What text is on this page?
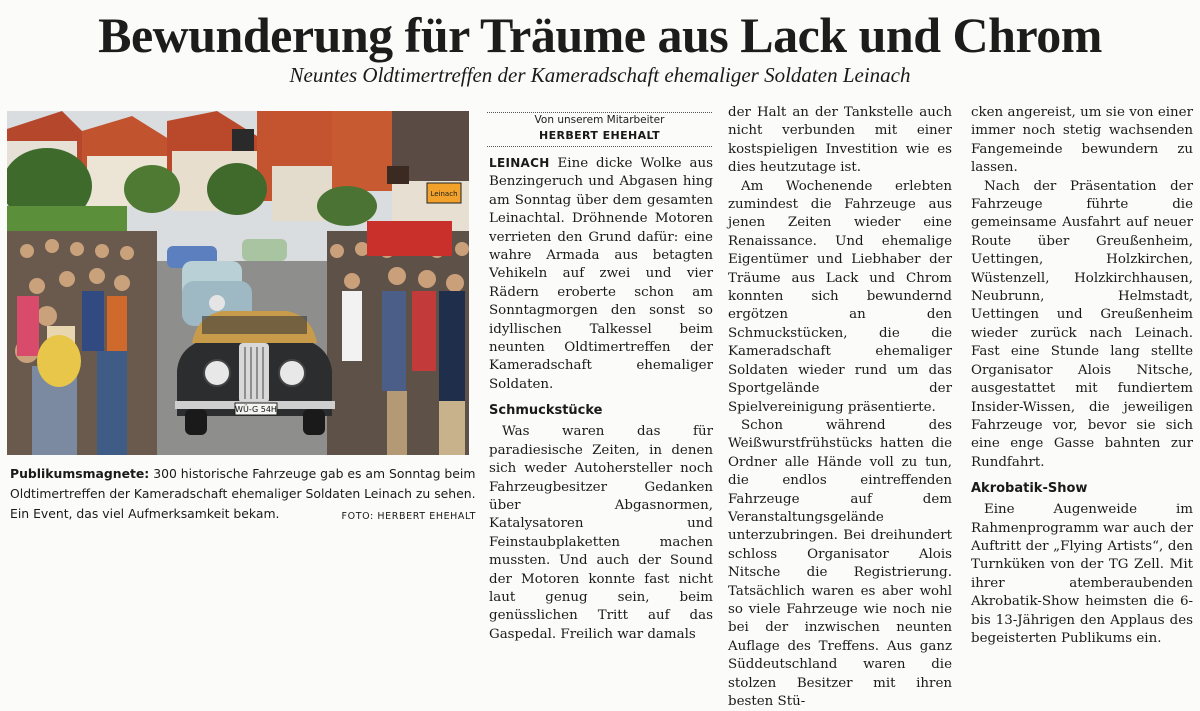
Bewunderung für Träume aus Lack und Chrom
Neuntes Oldtimertreffen der Kameradschaft ehemaliger Soldaten Leinach
Leinach
WÜ-G 54H
Publikumsmagnete: 300 historische Fahrzeuge gab es am Sonntag beim Oldtimertreffen der Kameradschaft ehemaliger Soldaten Leinach zu sehen. Ein Event, das viel Aufmerksamkeit bekam.	FOTO: HERBERT EHEHALT
Von unserem Mitarbeiter
HERBERT EHEHALT

LEINACH Eine dicke Wolke aus Benzingeruch und Abgasen hing am Sonntag über dem gesamten Leinachtal. Dröhnende Motoren verrieten den Grund dafür: eine wahre Armada aus betagten Vehikeln auf zwei und vier Rädern eroberte schon am Sonntagmorgen den sonst so idyllischen Talkessel beim neunten Oldtimertreffen der Kameradschaft ehemaliger Soldaten.

Schmuckstücke

Was waren das für paradiesische Zeiten, in denen sich weder Autohersteller noch Fahrzeugbesitzer Gedanken über Abgasnormen, Katalysatoren und Feinstaubplaketten machen mussten. Und auch der Sound der Motoren konnte fast nicht laut genug sein, beim genüsslichen Tritt auf das Gaspedal. Freilich war damals

der Halt an der Tankstelle auch nicht verbunden mit einer kostspieligen Investition wie es dies heutzutage ist.

Am Wochenende erlebten zumindest die Fahrzeuge aus jenen Zeiten wieder eine Renaissance. Und ehemalige Eigentümer und Liebhaber der Träume aus Lack und Chrom konnten sich bewundernd ergötzen an den Schmuckstücken, die die Kameradschaft ehemaliger Soldaten wieder rund um das Sportgelände der Spielvereinigung präsentierte.

Schon während des Weißwurstfrühstücks hatten die Ordner alle Hände voll zu tun, die endlos eintreffenden Fahrzeuge auf dem Veranstaltungsgelände unterzubringen. Bei dreihundert schloss Organisator Alois Nitsche die Registrierung. Tatsächlich waren es aber wohl so viele Fahrzeuge wie noch nie bei der inzwischen neunten Auflage des Treffens. Aus ganz Süddeutschland waren die stolzen Besitzer mit ihren besten Stü-

cken angereist, um sie von einer immer noch stetig wachsenden Fangemeinde bewundern zu lassen.

Nach der Präsentation der Fahrzeuge führte die gemeinsame Ausfahrt auf neuer Route über Greußenheim, Uettingen, Holzkirchen, Wüstenzell, Holzkirchhausen, Neubrunn, Helmstadt, Uettingen und Greußenheim wieder zurück nach Leinach. Fast eine Stunde lang stellte Organisator Alois Nitsche, ausgestattet mit fundiertem Insider-Wissen, die jeweiligen Fahrzeuge vor, bevor sie sich eine enge Gasse bahnten zur Rundfahrt.

Akrobatik-Show

Eine Augenweide im Rahmenprogramm war auch der Auftritt der „Flying Artists“, den Turnküken von der TG Zell. Mit ihrer atemberaubenden Akrobatik-Show heimsten die 6- bis 13-Jährigen den Applaus des begeisterten Publikums ein.
